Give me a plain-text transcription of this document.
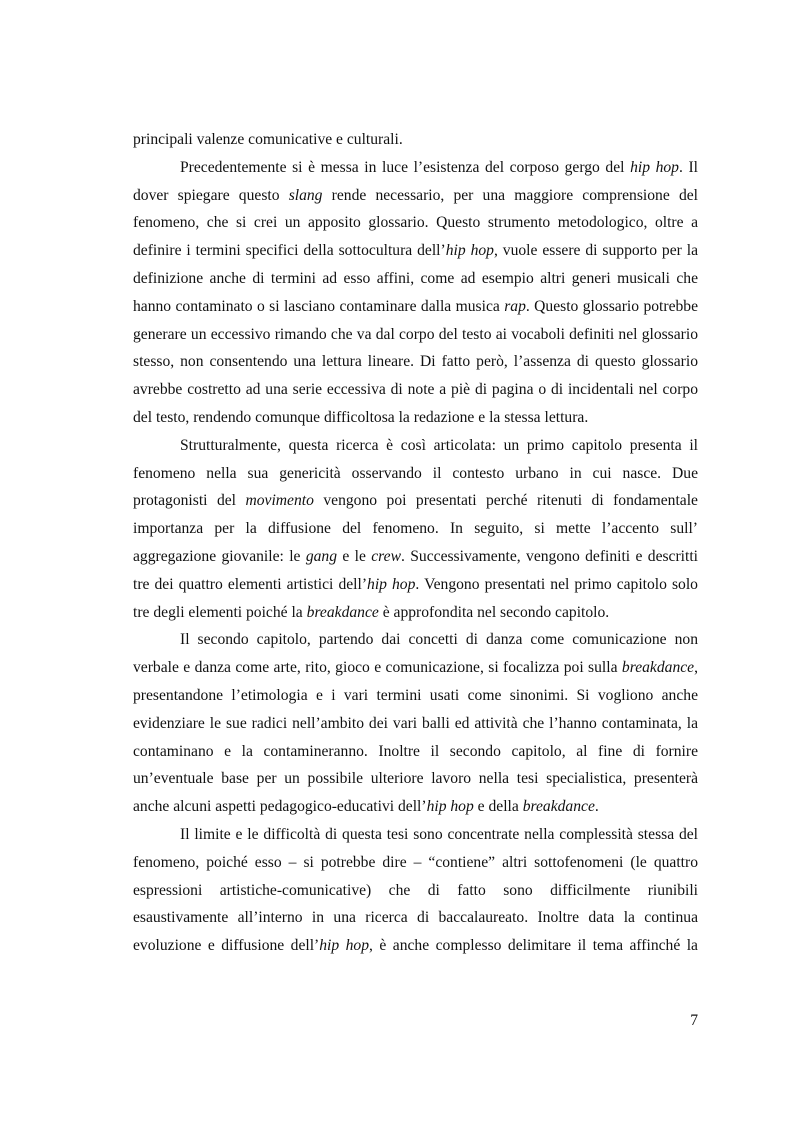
principali valenze comunicative e culturali.

Precedentemente si è messa in luce l’esistenza del corposo gergo del hip hop. Il dover spiegare questo slang rende necessario, per una maggiore comprensione del fenomeno, che si crei un apposito glossario. Questo strumento metodologico, oltre a definire i termini specifici della sottocultura dell’hip hop, vuole essere di supporto per la definizione anche di termini ad esso affini, come ad esempio altri generi musicali che hanno contaminato o si lasciano contaminare dalla musica rap. Questo glossario potrebbe generare un eccessivo rimando che va dal corpo del testo ai vocaboli definiti nel glossario stesso, non consentendo una lettura lineare. Di fatto però, l’assenza di questo glossario avrebbe costretto ad una serie eccessiva di note a piè di pagina o di incidentali nel corpo del testo, rendendo comunque difficoltosa la redazione e la stessa lettura.

Strutturalmente, questa ricerca è così articolata: un primo capitolo presenta il fenomeno nella sua genericità osservando il contesto urbano in cui nasce. Due protagonisti del movimento vengono poi presentati perché ritenuti di fondamentale importanza per la diffusione del fenomeno. In seguito, si mette l’accento sull’ aggregazione giovanile: le gang e le crew. Successivamente, vengono definiti e descritti tre dei quattro elementi artistici dell’hip hop. Vengono presentati nel primo capitolo solo tre degli elementi poiché la breakdance è approfondita nel secondo capitolo.

Il secondo capitolo, partendo dai concetti di danza come comunicazione non verbale e danza come arte, rito, gioco e comunicazione, si focalizza poi sulla breakdance, presentandone l’etimologia e i vari termini usati come sinonimi. Si vogliono anche evidenziare le sue radici nell’ambito dei vari balli ed attività che l’hanno contaminata, la contaminano e la contamineranno. Inoltre il secondo capitolo, al fine di fornire un’eventuale base per un possibile ulteriore lavoro nella tesi specialistica, presenterà anche alcuni aspetti pedagogico-educativi dell’hip hop e della breakdance.

Il limite e le difficoltà di questa tesi sono concentrate nella complessità stessa del fenomeno, poiché esso – si potrebbe dire – “contiene” altri sottofenomeni (le quattro espressioni artistiche-comunicative) che di fatto sono difficilmente riunibili esaustivamente all’interno in una ricerca di baccalaureato. Inoltre data la continua evoluzione e diffusione dell’hip hop, è anche complesso delimitare il tema affinché la

7
